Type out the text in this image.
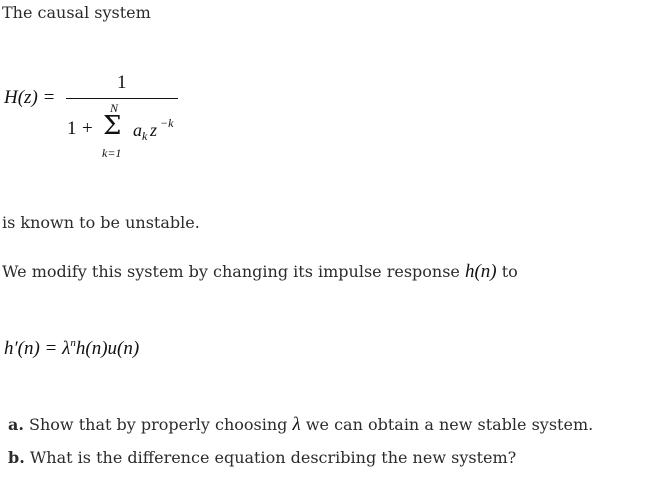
The causal system
H(z) =
1
1 +
N
Σ
k=1
a k z −k
is known to be unstable.
We modify this system by changing its impulse response h(n) to
$h'(n) = \lambda^nh(n)u(n)$
a. Show that by properly choosing λ we can obtain a new stable system.
b. What is the difference equation describing the new system?
